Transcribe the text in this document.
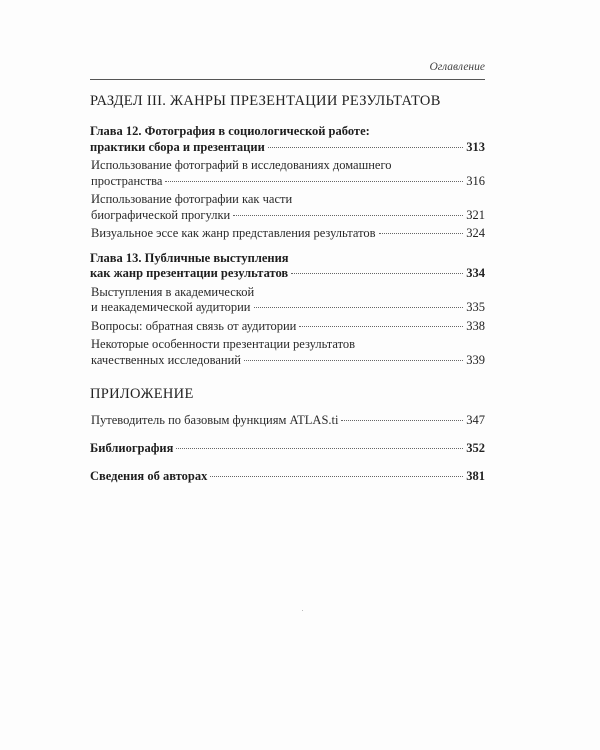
Оглавление
РАЗДЕЛ III. ЖАНРЫ ПРЕЗЕНТАЦИИ РЕЗУЛЬТАТОВ
Глава 12. Фотография в социологической работе:
практики сбора и презентации	313
Использование фотографий в исследованиях домашнего
пространства	316
Использование фотографии как части
биографической прогулки	321
Визуальное эссе как жанр представления результатов	324
Глава 13. Публичные выступления
как жанр презентации результатов	334
Выступления в академической
и неакадемической аудитории	335
Вопросы: обратная связь от аудитории	338
Некоторые особенности презентации результатов
качественных исследований	339
ПРИЛОЖЕНИЕ
Путеводитель по базовым функциям ATLAS.ti	347
Библиография	352
Сведения об авторах	381
